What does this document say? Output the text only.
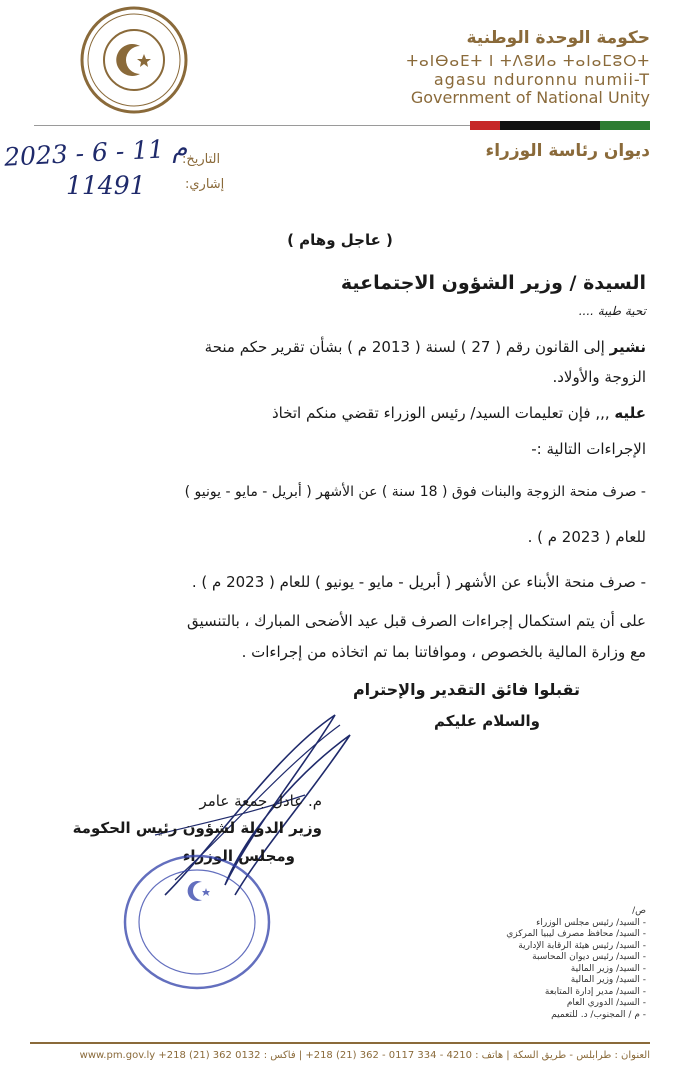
حكومة الوحدة الوطنية
ⵜⴰⵏⴱⴰⴹⵜ ⵏ ⵜⴷⵓⵍⴰ ⵜⴰⵏⴰⵎⵓⵔⵜ
agasu nduronnu numii-T
Government of National Unity
ديوان رئاسة الوزراء
التاريخ:
إشاري:
2023 - 6 - 11 م
11491
( عاجل وهام )
السيدة / وزير الشؤون الاجتماعية
تحية طيبة ....
نشير إلى القانون رقم ( 27 ) لسنة ( 2013 م ) بشأن تقرير حكم منحة
الزوجة والأولاد.
عليه ,,, فإن تعليمات السيد/ رئيس الوزراء تقضي منكم اتخاذ
الإجراءات التالية :-
- صرف منحة الزوجة والبنات فوق ( 18 سنة ) عن الأشهر ( أبريل - مايو - يونيو )
للعام ( 2023 م ) .
- صرف منحة الأبناء عن الأشهر ( أبريل - مايو - يونيو ) للعام ( 2023 م ) .
على أن يتم استكمال إجراءات الصرف قبل عيد الأضحى المبارك ، بالتنسيق
مع وزارة المالية بالخصوص ، وموافاتنا بما تم اتخاذه من إجراءات .
تقبلوا فائق التقدير والإحترام
والسلام عليكم
م. عادل جمعة عامر
وزير الدولة لشؤون رئيس الحكومة
ومجلس الوزراء
ص/
- السيد/ رئيس مجلس الوزراء
- السيد/ محافظ مصرف ليبيا المركزي
- السيد/ رئيس هيئة الرقابة الإدارية
- السيد/ رئيس ديوان المحاسبة
- السيد/ وزير المالية
- السيد/ وزير المالية
- السيد/ مدير إدارة المتابعة
- السيد/ الدوري العام
- م / المجنوب/ د. للتعميم
العنوان : طرابلس - طريق السكة | هاتف : 4210 - 334 0117 - 362 (21) 218+ | فاكس : 0132 362 (21) 218+ www.pm.gov.ly
